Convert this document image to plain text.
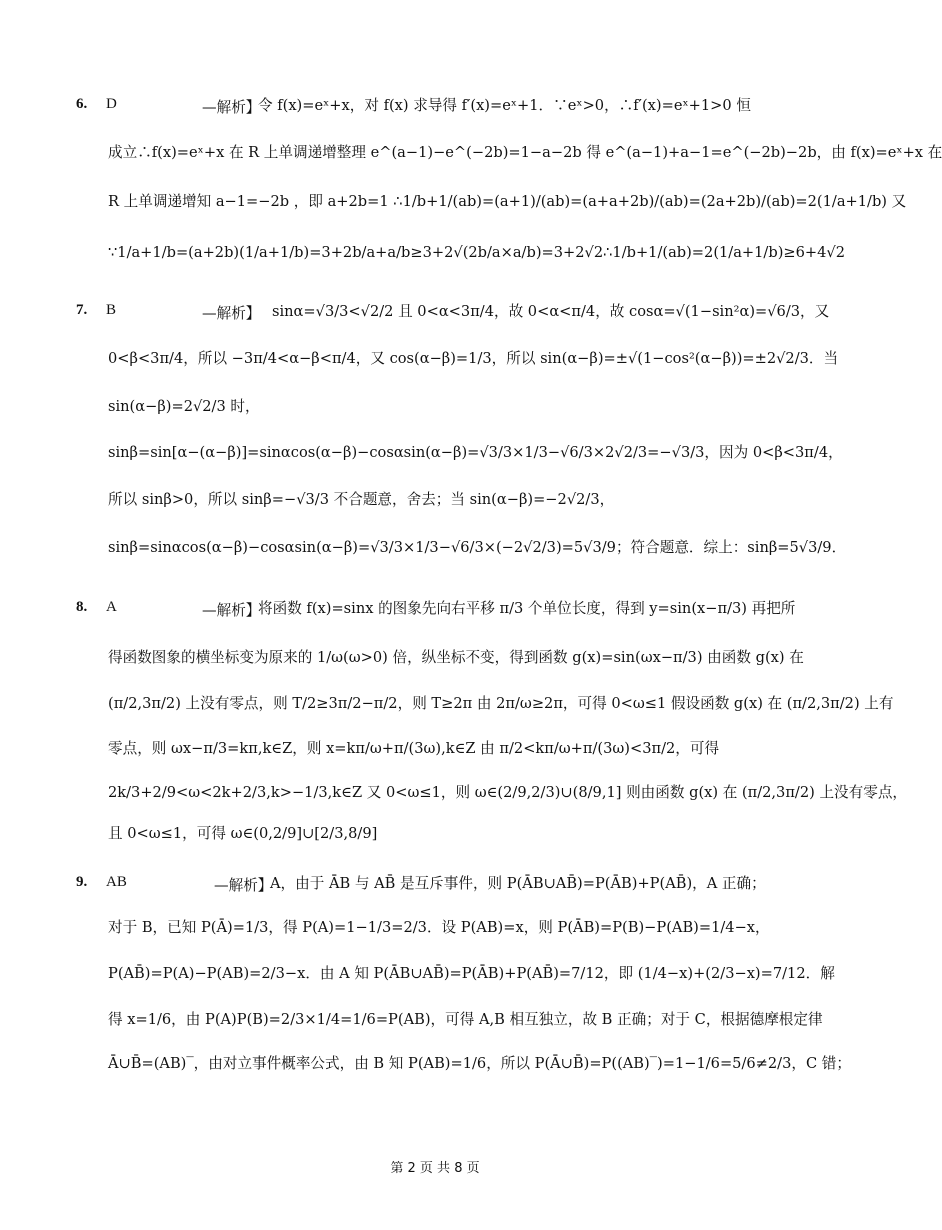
6. D	—解析】
令 f(x)=eˣ+x，对 f(x) 求导得 f′(x)=eˣ+1．∵eˣ>0，∴f′(x)=eˣ+1>0 恒
成立∴f(x)=eˣ+x 在 R 上单调递增整理 e^(a−1)−e^(−2b)=1−a−2b 得 e^(a−1)+a−1=e^(−2b)−2b，由 f(x)=eˣ+x 在
R 上单调递增知 a−1=−2b ，即 a+2b=1 ∴1/b+1/(ab)=(a+1)/(ab)=(a+a+2b)/(ab)=(2a+2b)/(ab)=2(1/a+1/b) 又
∵1/a+1/b=(a+2b)(1/a+1/b)=3+2b/a+a/b≥3+2√(2b/a×a/b)=3+2√2∴1/b+1/(ab)=2(1/a+1/b)≥6+4√2
7. B	—解析】 sinα=√3/3<√2/2 且 0<α<3π/4，故 0<α<π/4，故 cosα=√(1−sin²α)=√6/3，又
0<β<3π/4，所以 −3π/4<α−β<π/4，又 cos(α−β)=1/3，所以 sin(α−β)=±√(1−cos²(α−β))=±2√2/3．当
sin(α−β)=2√2/3 时，
sinβ=sin[α−(α−β)]=sinαcos(α−β)−cosαsin(α−β)=√3/3×1/3−√6/3×2√2/3=−√3/3，因为 0<β<3π/4，
所以 sinβ>0，所以 sinβ=−√3/3 不合题意，舍去；当 sin(α−β)=−2√2/3，
sinβ=sinαcos(α−β)−cosαsin(α−β)=√3/3×1/3−√6/3×(−2√2/3)=5√3/9；符合题意．综上：sinβ=5√3/9．
8. A	—解析】
将函数 f(x)=sinx 的图象先向右平移 π/3 个单位长度，得到 y=sin(x−π/3) 再把所
得函数图象的横坐标变为原来的 1/ω(ω>0) 倍，纵坐标不变，得到函数 g(x)=sin(ωx−π/3) 由函数 g(x) 在
(π/2,3π/2) 上没有零点，则 T/2≥3π/2−π/2，则 T≥2π 由 2π/ω≥2π，可得 0<ω≤1 假设函数 g(x) 在 (π/2,3π/2) 上有
零点，则 ωx−π/3=kπ,k∈Z，则 x=kπ/ω+π/(3ω),k∈Z 由 π/2<kπ/ω+π/(3ω)<3π/2，可得
2k/3+2/9<ω<2k+2/3,k>−1/3,k∈Z 又 0<ω≤1，则 ω∈(2/9,2/3)∪(8/9,1] 则由函数 g(x) 在 (π/2,3π/2) 上没有零点，
且 0<ω≤1，可得 ω∈(0,2/9]∪[2/3,8/9]
9. AB	—解析】
A，由于 ĀB 与 AB̄ 是互斥事件，则 P(ĀB∪AB̄)=P(ĀB)+P(AB̄)，A 正确；
对于 B，已知 P(Ā)=1/3，得 P(A)=1−1/3=2/3．设 P(AB)=x，则 P(ĀB)=P(B)−P(AB)=1/4−x，
P(AB̄)=P(A)−P(AB)=2/3−x．由 A 知 P(ĀB∪AB̄)=P(ĀB)+P(AB̄)=7/12，即 (1/4−x)+(2/3−x)=7/12．解
得 x=1/6，由 P(A)P(B)=2/3×1/4=1/6=P(AB)，可得 A,B 相互独立，故 B 正确；对于 C，根据德摩根定律
Ā∪B̄=(AB)‾，由对立事件概率公式，由 B 知 P(AB)=1/6，所以 P(Ā∪B̄)=P((AB)‾)=1−1/6=5/6≠2/3，C 错；
第 2 页 共 8 页
